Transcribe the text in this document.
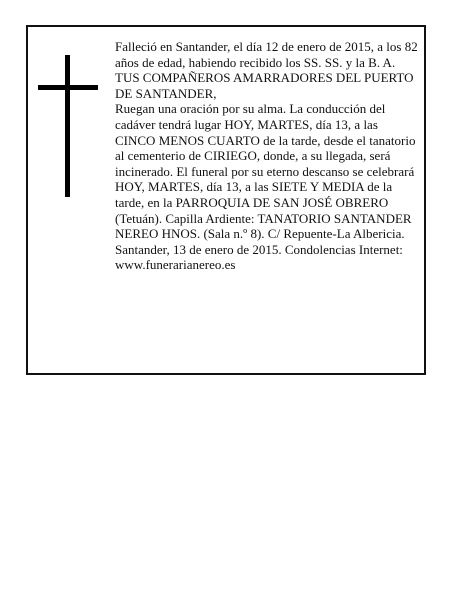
Falleció en Santander, el día 12 de enero de 2015, a los 82 años de edad, habiendo recibido los SS. SS. y la B. A.

TUS COMPAÑEROS AMARRADORES DEL PUERTO DE SANTANDER,

Ruegan una oración por su alma. La conducción del cadáver tendrá lugar HOY, MARTES, día 13, a las CINCO MENOS CUARTO de la tarde, desde el tanatorio al cementerio de CIRIEGO, donde, a su llegada, será incinerado. El funeral por su eterno descanso se celebrará HOY, MARTES, día 13, a las SIETE Y MEDIA de la tarde, en la PARROQUIA DE SAN JOSÉ OBRERO (Tetuán). Capilla Ardiente: TANATORIO SANTANDER NEREO HNOS. (Sala n.º 8). C/ Repuente-La Albericia.

Santander, 13 de enero de 2015. Condolencias Internet: www.funerarianereo.es
